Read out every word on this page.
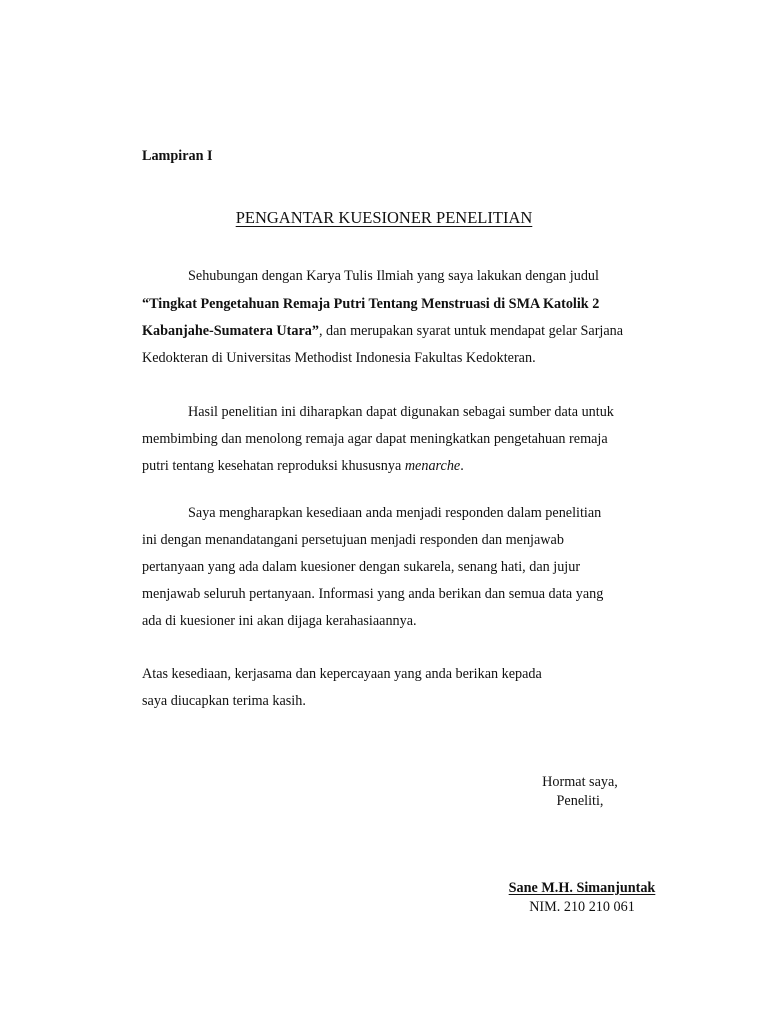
Lampiran I
PENGANTAR KUESIONER PENELITIAN
Sehubungan dengan Karya Tulis Ilmiah yang saya lakukan dengan judul
“Tingkat Pengetahuan Remaja Putri Tentang Menstruasi di SMA Katolik 2
Kabanjahe-Sumatera Utara”, dan merupakan syarat untuk mendapat gelar Sarjana
Kedokteran di Universitas Methodist Indonesia Fakultas Kedokteran.
Hasil penelitian ini diharapkan dapat digunakan sebagai sumber data untuk
membimbing dan menolong remaja agar dapat meningkatkan pengetahuan remaja
putri tentang kesehatan reproduksi khususnya menarche.
Saya mengharapkan kesediaan anda menjadi responden dalam penelitian
ini dengan menandatangani persetujuan menjadi responden dan menjawab
pertanyaan yang ada dalam kuesioner dengan sukarela, senang hati, dan jujur
menjawab seluruh pertanyaan. Informasi yang anda berikan dan semua data yang
ada di kuesioner ini akan dijaga kerahasiaannya.
Atas kesediaan, kerjasama dan kepercayaan yang anda berikan kepada
saya diucapkan terima kasih.
Hormat saya,
Peneliti,
Sane M.H. Simanjuntak
NIM. 210 210 061
